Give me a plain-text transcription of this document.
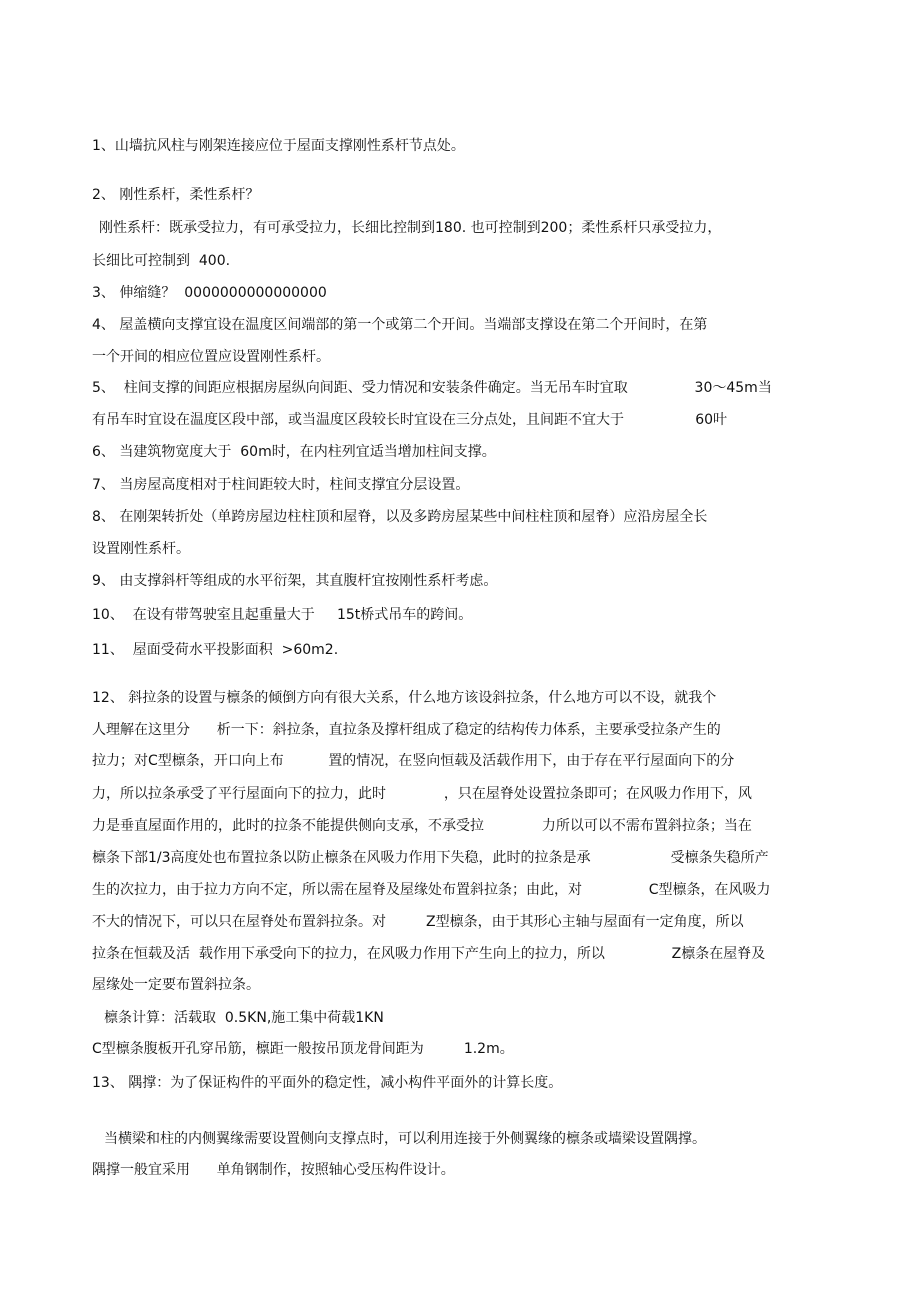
1、山墙抗风柱与刚架连接应位于屋面支撑刚性系杆节点处。

2、 刚性系杆，柔性系杆？

刚性系杆：既承受拉力，有可承受拉力，长细比控制到180. 也可控制到200；柔性系杆只承受拉力，

长细比可控制到  400.

3、 伸缩缝？  0000000000000000

4、 屋盖横向支撑宜设在温度区间端部的第一个或第二个开间。当端部支撑设在第二个开间时，在第

一个开间的相应位置应设置刚性系杆。

5、  柱间支撑的间距应根据房屋纵向间距、受力情况和安装条件确定。当无吊车时宜取               30～45m当

有吊车时宜设在温度区段中部，或当温度区段较长时宜设在三分点处，且间距不宜大于                60叶

6、 当建筑物宽度大于  60m时，在内柱列宜适当增加柱间支撑。

7、 当房屋高度相对于柱间距较大时，柱间支撑宜分层设置。

8、 在刚架转折处（单跨房屋边柱柱顶和屋脊，以及多跨房屋某些中间柱柱顶和屋脊）应沿房屋全长

设置刚性系杆。

9、 由支撑斜杆等组成的水平衍架，其直腹杆宜按刚性系杆考虑。

10、  在设有带驾驶室且起重量大于     15t桥式吊车的跨间。

11、  屋面受荷水平投影面积  >60m2.

12、 斜拉条的设置与檩条的倾倒方向有很大关系，什么地方该设斜拉条，什么地方可以不设，就我个

人理解在这里分      析一下：斜拉条，直拉条及撑杆组成了稳定的结构传力体系，主要承受拉条产生的

拉力；对C型檩条，开口向上布          置的情况，在竖向恒载及活载作用下，由于存在平行屋面向下的分

力，所以拉条承受了平行屋面向下的拉力，此时             ，只在屋脊处设置拉条即可；在风吸力作用下，风

力是垂直屋面作用的，此时的拉条不能提供侧向支承，不承受拉             力所以可以不需布置斜拉条；当在

檩条下部1/3高度处也布置拉条以防止檩条在风吸力作用下失稳，此时的拉条是承                  受檩条失稳所产

生的次拉力，由于拉力方向不定，所以需在屋脊及屋缘处布置斜拉条；由此，对               C型檩条，在风吸力

不大的情况下，可以只在屋脊处布置斜拉条。对         Z型檩条，由于其形心主轴与屋面有一定角度，所以

拉条在恒载及活  载作用下承受向下的拉力，在风吸力作用下产生向上的拉力，所以               Z檩条在屋脊及

屋缘处一定要布置斜拉条。

檩条计算：活载取  0.5KN,施工集中荷载1KN

C型檩条腹板开孔穿吊筋，檩距一般按吊顶龙骨间距为         1.2m。

13、 隅撑：为了保证构件的平面外的稳定性，减小构件平面外的计算长度。

当横梁和柱的内侧翼缘需要设置侧向支撑点时，可以利用连接于外侧翼缘的檩条或墙梁设置隅撑。

隅撑一般宜采用      单角钢制作，按照轴心受压构件设计。
